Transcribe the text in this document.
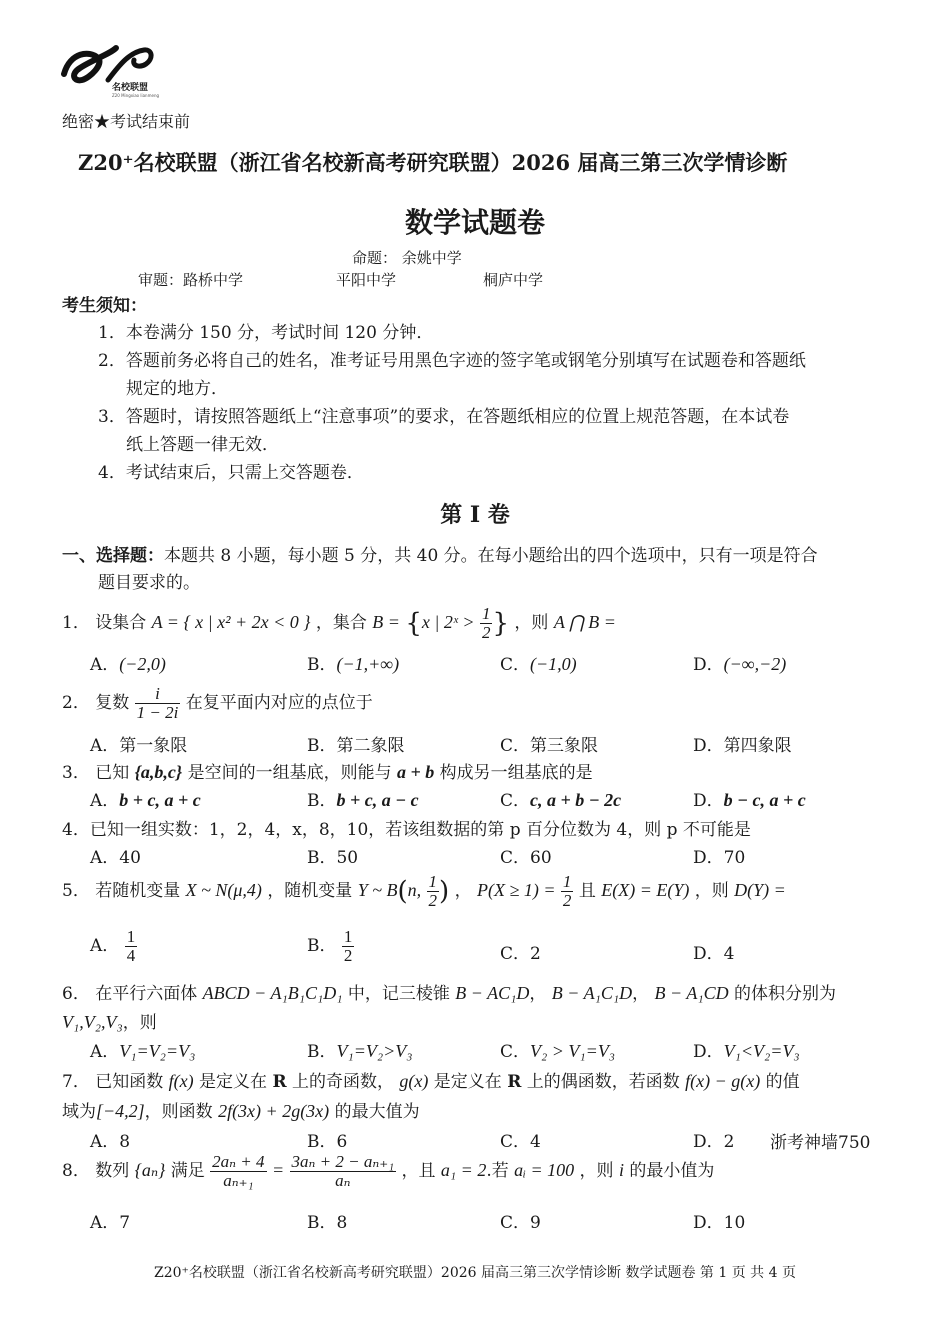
名校联盟
Z20 Mingxiao lianmeng
绝密★考试结束前
Z20⁺名校联盟（浙江省名校新高考研究联盟）2026 届高三第三次学情诊断
数学试题卷
命题： 余姚中学
审题：路桥中学	平阳中学	桐庐中学
考生须知：
1．本卷满分 150 分，考试时间 120 分钟．
2．答题前务必将自己的姓名，准考证号用黑色字迹的签字笔或钢笔分别填写在试题卷和答题纸
规定的地方．
3．答题时，请按照答题纸上“注意事项”的要求，在答题纸相应的位置上规范答题，在本试卷
纸上答题一律无效．
4．考试结束后，只需上交答题卷．
第 I 卷
一、选择题：本题共 8 小题，每小题 5 分，共 40 分。在每小题给出的四个选项中，只有一项是符合
题目要求的。
1． 设集合 A = { x | x² + 2x < 0 } ，集合 B = {x | 2ˣ > $\frac{1}{2}$ } ，则 A ⋂ B =
A．(−2,0)	B．(−1,+∞)	C．(−1,0)	D．(−∞,−2)
2． 复数 $\frac{i}{1 - 2i}$ 在复平面内对应的点位于
A．第一象限	B．第二象限	C．第三象限	D．第四象限
3． 已知 {a,b,c} 是空间的一组基底，则能与 a + b 构成另一组基底的是
A．b + c, a + c	B．b + c, a − c	C．c, a + b − 2c	D．b − c, a + c
4．已知一组实数：1，2，4，x，8，10，若该组数据的第 p 百分位数为 4，则 p 不可能是
A．40	B．50	C．60	D．70
5． 若随机变量 X ~ N(μ,4) ，随机变量 Y ~ B(n, $\frac{1}{2}$ ) ， $P(X \ge 1) = \frac{1}{2}$ 且 E(X) = E(Y) ，则 D(Y) =
A． $\frac{1}{4}$	B． $\frac{1}{2}$	C．2	D．4
6． 在平行六面体 ABCD − A₁B₁C₁D₁ 中，记三棱锥 B − AC₁D， B − A₁C₁D， B − A₁CD 的体积分别为
V₁,V₂,V₃，则
A．V₁=V₂=V₃	B．V₁=V₂>V₃	C．V₂ > V₁=V₃	D．V₁<V₂=V₃
7． 已知函数 f(x) 是定义在 R 上的奇函数， g(x) 是定义在 R 上的偶函数，若函数 f(x) − g(x) 的值
域为[−4,2]，则函数 2f(3x) + 2g(3x) 的最大值为
A．8	B．6	C．4	D．2 浙考神墙750
8． 数列 {aₙ} 满足 $\frac{\text{2aₙ + 4}}{\text{aₙ₊₁}} = \frac{\text{3aₙ + 2 − aₙ₊₁}}{\text{aₙ}}$ ，且 a₁ = 2.若 aᵢ = 100 ，则 i 的最小值为
A．7	B．8	C．9	D．10
Z20⁺名校联盟（浙江省名校新高考研究联盟）2026 届高三第三次学情诊断 数学试题卷 第 1 页 共 4 页
